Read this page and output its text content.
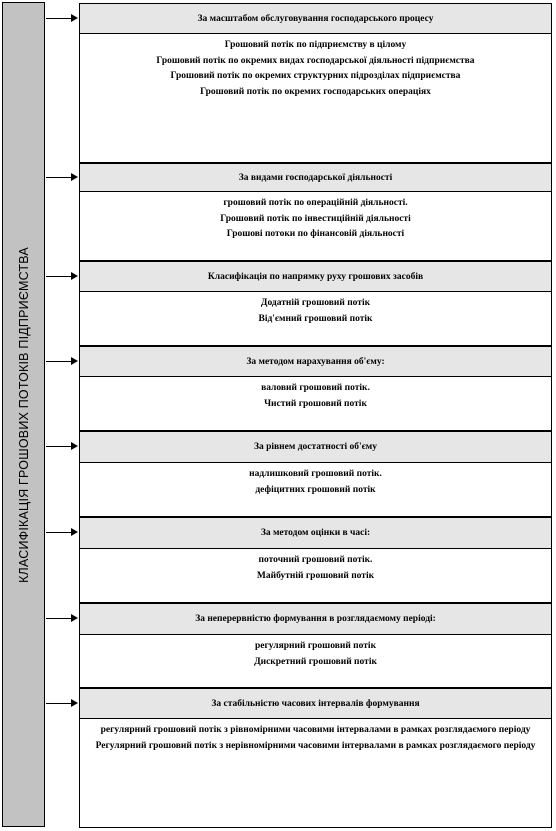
КЛАСИФІКАЦІЯ ГРОШОВИХ ПОТОКІВ ПІДПРИЄМСТВА
За масштабом обслуговування господарського процесу
Грошовий потік по підприємству в цілому
Грошовий потік по окремих видах господарської діяльності підприємства
Грошовий потік по окремих структурних підрозділах підприємства
Грошовий потік по окремих господарських операціях
За видами господарської діяльності
грошовий потік по операційній діяльності.
Грошовий потік по інвестиційній діяльності
Грошові потоки по фінансовій діяльності
Класифікація по напрямку руху грошових засобів
Додатній грошовий потік
Від'ємний грошовий потік
За методом нарахування об'єму:
валовий грошовий потік.
Чистий грошовий потік
За рівнем достатності об'єму
надлишковий грошовий потік.
дефіцитних грошовий потік
За методом оцінки в часі:
поточний грошовий потік.
Майбутній грошовий потік
За неперервністю формування в розглядаємому періоді:
регулярний грошовий потік
Дискретний грошовий потік
За стабільністю часових інтервалів формування
регулярний грошовий потік з рівномірними часовими інтервалами в рамках розглядаємого періоду
Регулярний грошовий потік з нерівномірними часовими інтервалами в рамках розглядаємого періоду
